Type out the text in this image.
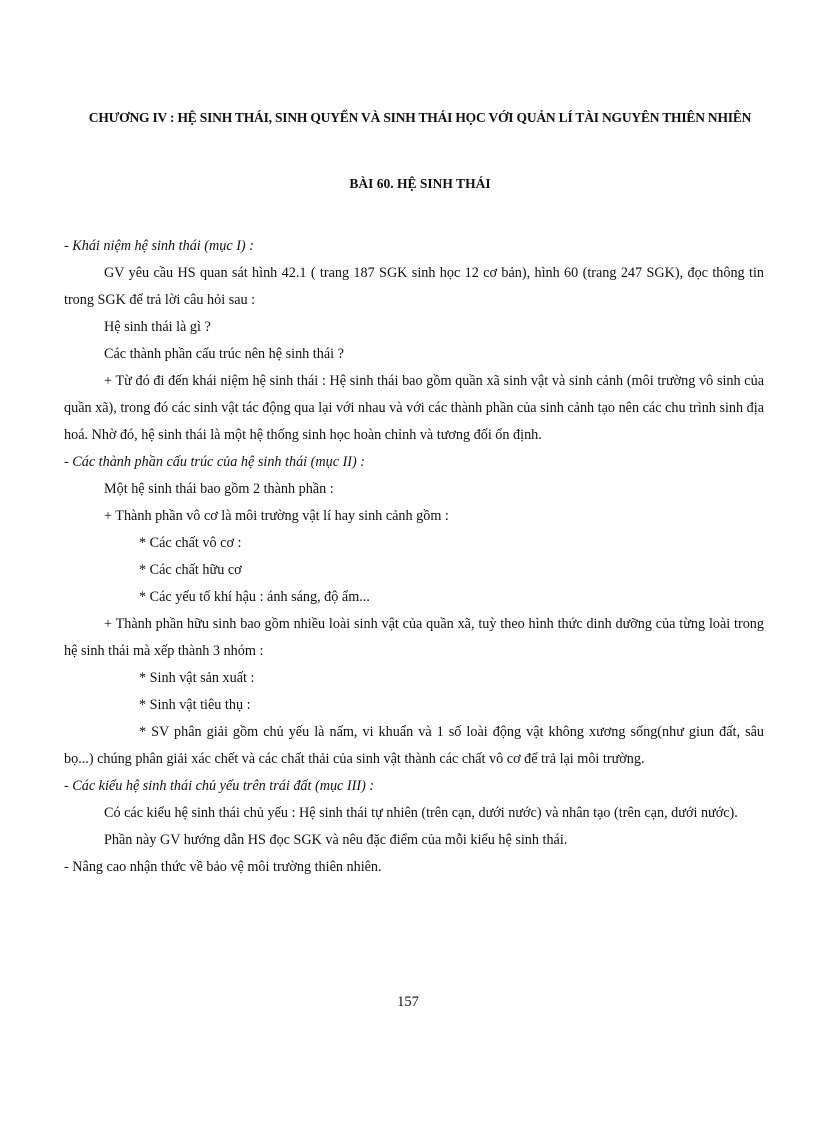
CHƯƠNG IV : HỆ SINH THÁI, SINH QUYỂN VÀ SINH THÁI HỌC VỚI QUẢN LÍ TÀI NGUYÊN THIÊN NHIÊN
BÀI 60. HỆ SINH THÁI

- Khái niệm hệ sinh thái (mục I) :

GV yêu cầu HS quan sát hình 42.1 ( trang 187 SGK sinh học 12 cơ bản), hình 60 (trang 247 SGK), đọc thông tin trong SGK để trả lời câu hỏi sau :

Hệ sinh thái là gì ?

Các thành phần cấu trúc nên hệ sinh thái ?

+ Từ đó đi đến khái niệm hệ sinh thái : Hệ sinh thái bao gồm quần xã sinh vật và sinh cảnh (môi trường vô sinh của quần xã), trong đó các sinh vật tác động qua lại với nhau và với các thành phần của sinh cảnh tạo nên các chu trình sinh địa hoá. Nhờ đó, hệ sinh thái là một hệ thống sinh học hoàn chỉnh và tương đối ổn định.

- Các thành phần cấu trúc của hệ sinh thái (mục II) :

Một hệ sinh thái bao gồm 2 thành phần :

+ Thành phần vô cơ là môi trường vật lí hay sinh cảnh gồm :

* Các chất vô cơ :

* Các chất hữu cơ

* Các yếu tố khí hậu : ánh sáng, độ ẩm...

+ Thành phần hữu sinh bao gồm nhiều loài sinh vật của quần xã, tuỳ theo hình thức dinh dưỡng của từng loài trong hệ sinh thái mà xếp thành 3 nhóm :

* Sinh vật sản xuất :

* Sinh vật tiêu thụ :

* SV phân giải gồm chủ yếu là nấm, vi khuẩn và 1 số loài động vật không xương sống(như giun đất, sâu bọ...) chúng phân giải xác chết và các chất thải của sinh vật thành các chất vô cơ để trả lại môi trường.

- Các kiểu hệ sinh thái chủ yếu trên trái đất (mục III) :

Có các kiểu hệ sinh thái chủ yếu : Hệ sinh thái tự nhiên (trên cạn, dưới nước) và nhân tạo (trên cạn, dưới nước).

Phần này GV hướng dẫn HS đọc SGK và nêu đặc điểm của mỗi kiểu hệ sinh thái.

- Nâng cao nhận thức về bảo vệ môi trường thiên nhiên.

157
